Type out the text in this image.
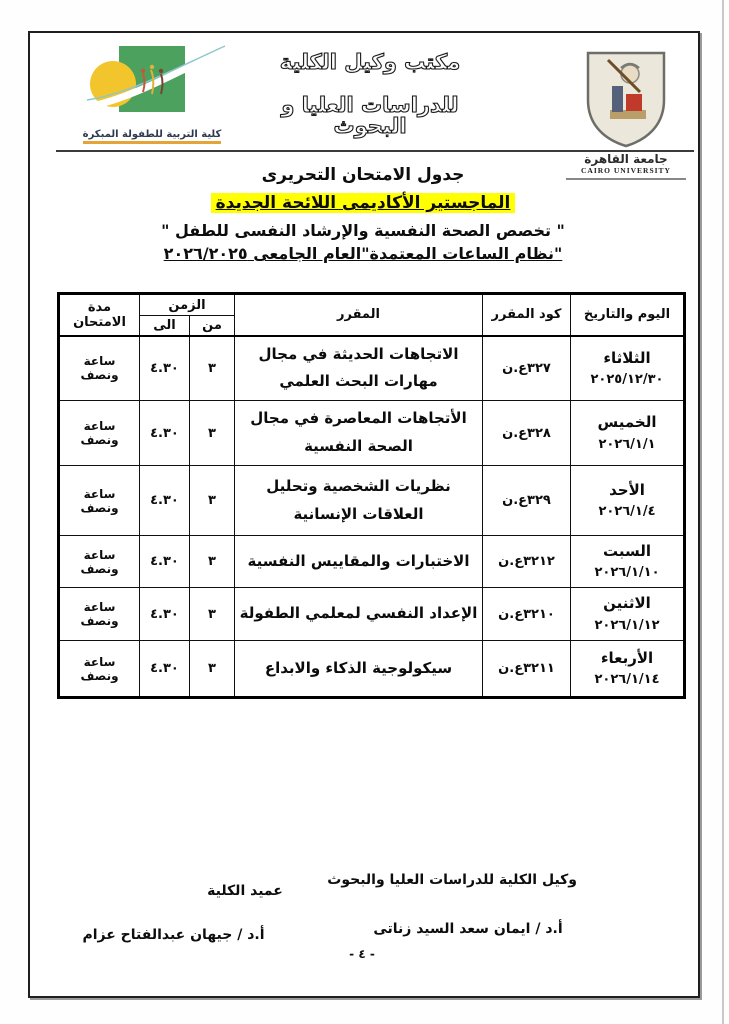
كلية التربية للطفولة المبكرة
مكتب وكيل الكلية
للدراسات العليا و البحوث
جامعة القاهرة
CAIRO UNIVERSITY
جدول الامتحان التحريرى
الماجستير الأكاديمى اللائحة الجديدة
" تخصص الصحة النفسية والإرشاد النفسى للطفل "
"نظام الساعات المعتمدة"العام الجامعى ٢٠٢٦/٢٠٢٥
اليوم والتاريخ	كود المقرر	المقرر	الزمن		مدة الامتحان
			من	الى	

الثلاثاء
٢٠٢٥/١٢/٣٠	٣٢٧ع.ن	الاتجاهات الحديثة في مجال مهارات البحث العلمي	٣	٤.٣٠	ساعة ونصف

الخميس
٢٠٢٦/١/١	٣٢٨ع.ن	الأتجاهات المعاصرة في مجال الصحة النفسية	٣	٤.٣٠	ساعة ونصف

الأحد
٢٠٢٦/١/٤	٣٢٩ع.ن	نظريات الشخصية وتحليل العلاقات الإنسانية	٣	٤.٣٠	ساعة ونصف

السبت
٢٠٢٦/١/١٠	٣٢١٢ع.ن	الاختبارات والمقاييس النفسية	٣	٤.٣٠	ساعة ونصف

الاثنين
٢٠٢٦/١/١٢	٣٢١٠ع.ن	الإعداد النفسي لمعلمي الطفولة	٣	٤.٣٠	ساعة ونصف

الأربعاء
٢٠٢٦/١/١٤	٣٢١١ع.ن	سيكولوجية الذكاء والابداع	٣	٤.٣٠	ساعة ونصف
وكيل الكلية للدراسات العليا والبحوث
أ.د / ايمان سعد السيد زناتى
عميد الكلية
أ.د / جيهان عبدالفتاح عزام
- ٤ -
